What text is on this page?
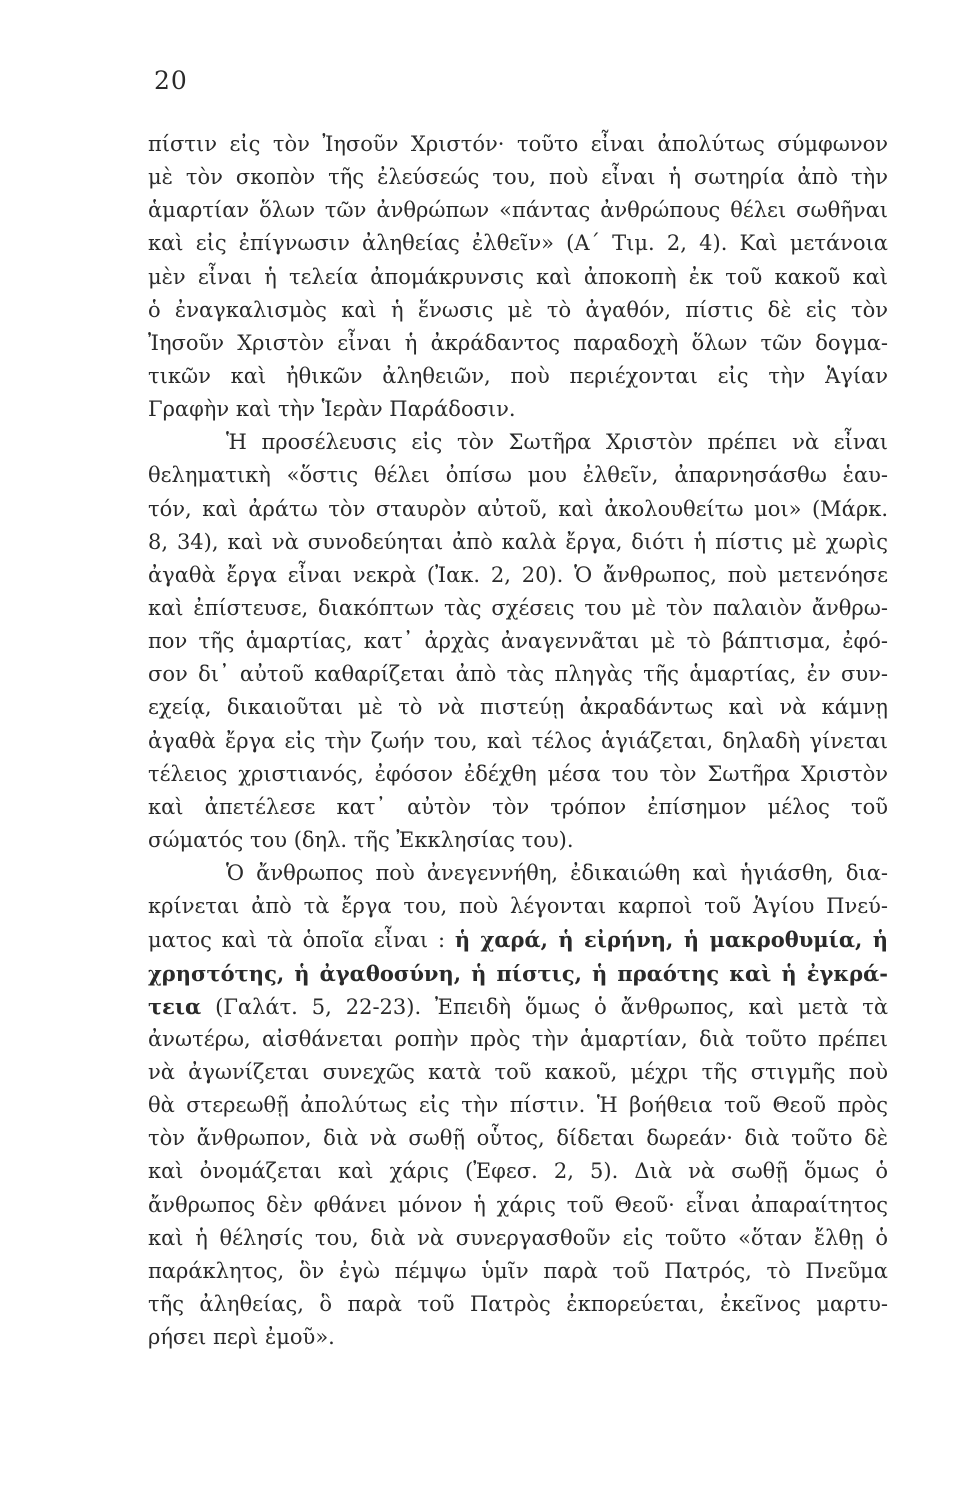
20
πίστιν εἰς τὸν Ἰησοῦν Χριστόν· τοῦτο εἶναι ἀπολύτως σύμφωνον
μὲ τὸν σκοπὸν τῆς ἐλεύσεώς του, ποὺ εἶναι ἡ σωτηρία ἀπὸ τὴν
ἁμαρτίαν ὅλων τῶν ἀνθρώπων «πάντας ἀνθρώπους θέλει σωθῆναι
καὶ εἰς ἐπίγνωσιν ἀληθείας ἐλθεῖν» (Α΄ Τιμ. 2, 4). Καὶ μετάνοια
μὲν εἶναι ἡ τελεία ἀπομάκρυνσις καὶ ἀποκοπὴ ἐκ τοῦ κακοῦ καὶ
ὁ ἐναγκαλισμὸς καὶ ἡ ἕνωσις μὲ τὸ ἀγαθόν, πίστις δὲ εἰς τὸν
Ἰησοῦν Χριστὸν εἶναι ἡ ἀκράδαντος παραδοχὴ ὅλων τῶν δογμα-
τικῶν καὶ ἠθικῶν ἀληθειῶν, ποὺ περιέχονται εἰς τὴν Ἁγίαν
Γραφὴν καὶ τὴν Ἱερὰν Παράδοσιν.
Ἡ προσέλευσις εἰς τὸν Σωτῆρα Χριστὸν πρέπει νὰ εἶναι
θεληματικὴ «ὅστις θέλει ὀπίσω μου ἐλθεῖν, ἀπαρνησάσθω ἑαυ-
τόν, καὶ ἀράτω τὸν σταυρὸν αὐτοῦ, καὶ ἀκολουθείτω μοι» (Μάρκ.
8, 34), καὶ νὰ συνοδεύηται ἀπὸ καλὰ ἔργα, διότι ἡ πίστις μὲ χωρὶς
ἀγαθὰ ἔργα εἶναι νεκρὰ (Ἰακ. 2, 20). Ὁ ἄνθρωπος, ποὺ μετενόησε
καὶ ἐπίστευσε, διακόπτων τὰς σχέσεις του μὲ τὸν παλαιὸν ἄνθρω-
πον τῆς ἁμαρτίας, κατ᾿ ἀρχὰς ἀναγεννᾶται μὲ τὸ βάπτισμα, ἐφό-
σον δι᾿ αὐτοῦ καθαρίζεται ἀπὸ τὰς πληγὰς τῆς ἁμαρτίας, ἐν συν-
εχείᾳ, δικαιοῦται μὲ τὸ νὰ πιστεύῃ ἀκραδάντως καὶ νὰ κάμνῃ
ἀγαθὰ ἔργα εἰς τὴν ζωήν του, καὶ τέλος ἁγιάζεται, δηλαδὴ γίνεται
τέλειος χριστιανός, ἐφόσον ἐδέχθη μέσα του τὸν Σωτῆρα Χριστὸν
καὶ ἀπετέλεσε κατ᾿ αὐτὸν τὸν τρόπον ἐπίσημον μέλος τοῦ
σώματός του (δηλ. τῆς Ἐκκλησίας του).
Ὁ ἄνθρωπος ποὺ ἀνεγεννήθη, ἐδικαιώθη καὶ ἡγιάσθη, δια-
κρίνεται ἀπὸ τὰ ἔργα του, ποὺ λέγονται καρποὶ τοῦ Ἁγίου Πνεύ-
ματος καὶ τὰ ὁποῖα εἶναι : ἡ χαρά, ἡ εἰρήνη, ἡ μακροθυμία, ἡ
χρηστότης, ἡ ἀγαθοσύνη, ἡ πίστις, ἡ πραότης καὶ ἡ ἐγκρά-
τεια (Γαλάτ. 5, 22-23). Ἐπειδὴ ὅμως ὁ ἄνθρωπος, καὶ μετὰ τὰ
ἀνωτέρω, αἰσθάνεται ροπὴν πρὸς τὴν ἁμαρτίαν, διὰ τοῦτο πρέπει
νὰ ἀγωνίζεται συνεχῶς κατὰ τοῦ κακοῦ, μέχρι τῆς στιγμῆς ποὺ
θὰ στερεωθῇ ἀπολύτως εἰς τὴν πίστιν. Ἡ βοήθεια τοῦ Θεοῦ πρὸς
τὸν ἄνθρωπον, διὰ νὰ σωθῇ οὗτος, δίδεται δωρεάν· διὰ τοῦτο δὲ
καὶ ὀνομάζεται καὶ χάρις (Ἐφεσ. 2, 5). Διὰ νὰ σωθῇ ὅμως ὁ
ἄνθρωπος δὲν φθάνει μόνον ἡ χάρις τοῦ Θεοῦ· εἶναι ἀπαραίτητος
καὶ ἡ θέλησίς του, διὰ νὰ συνεργασθοῦν εἰς τοῦτο «ὅταν ἔλθῃ ὁ
παράκλητος, ὃν ἐγὼ πέμψω ὑμῖν παρὰ τοῦ Πατρός, τὸ Πνεῦμα
τῆς ἀληθείας, ὃ παρὰ τοῦ Πατρὸς ἐκπορεύεται, ἐκεῖνος μαρτυ-
ρήσει περὶ ἐμοῦ».
